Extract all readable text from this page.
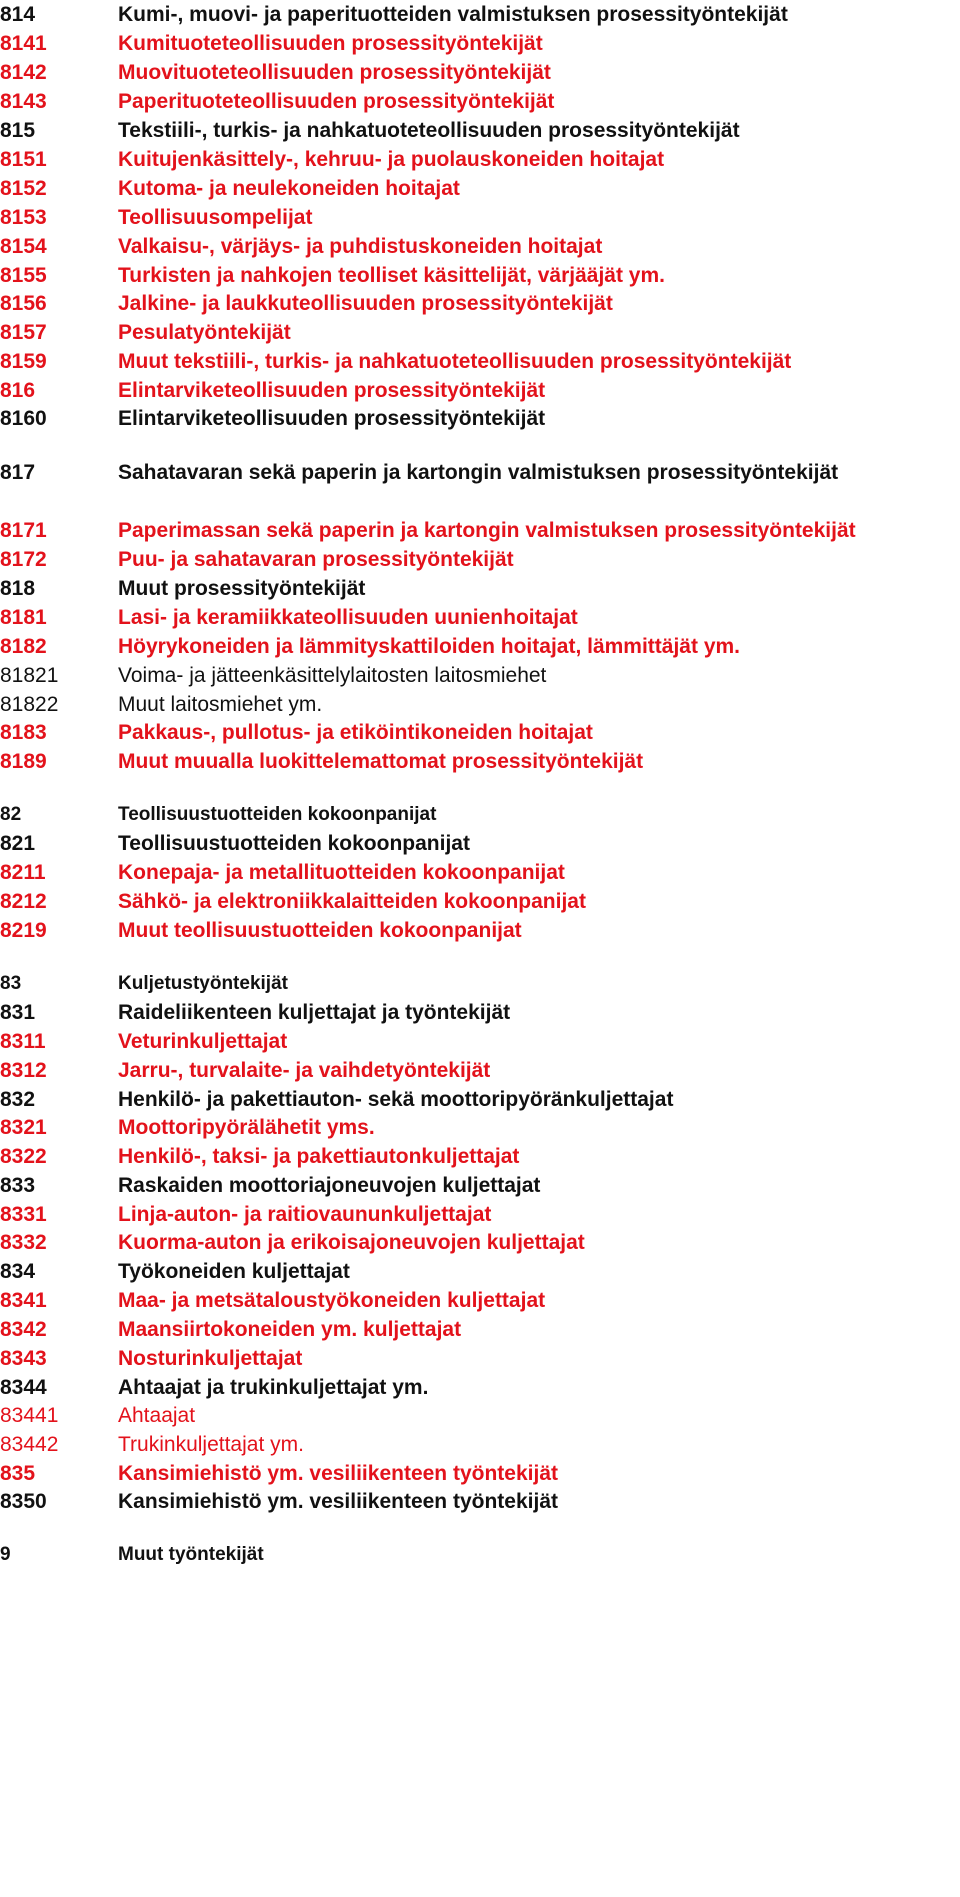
814	Kumi-, muovi- ja paperituotteiden valmistuksen prosessityöntekijät
8141	Kumituoteteollisuuden prosessityöntekijät
8142	Muovituoteteollisuuden prosessityöntekijät
8143	Paperituoteteollisuuden prosessityöntekijät
815	Tekstiili-, turkis- ja nahkatuoteteollisuuden prosessityöntekijät
8151	Kuitujenkäsittely-, kehruu- ja puolauskoneiden hoitajat
8152	Kutoma- ja neulekoneiden hoitajat
8153	Teollisuusompelijat
8154	Valkaisu-, värjäys- ja puhdistuskoneiden hoitajat
8155	Turkisten ja nahkojen teolliset käsittelijät, värjääjät ym.
8156	Jalkine- ja laukkuteollisuuden prosessityöntekijät
8157	Pesulatyöntekijät
8159	Muut tekstiili-, turkis- ja nahkatuoteteollisuuden prosessityöntekijät
816	Elintarviketeollisuuden prosessityöntekijät
8160	Elintarviketeollisuuden prosessityöntekijät
817	Sahatavaran sekä paperin ja kartongin valmistuksen prosessityöntekijät
8171	Paperimassan sekä paperin ja kartongin valmistuksen prosessityöntekijät
8172	Puu- ja sahatavaran prosessityöntekijät
818	Muut prosessityöntekijät
8181	Lasi- ja keramiikkateollisuuden uunienhoitajat
8182	Höyrykoneiden ja lämmityskattiloiden hoitajat, lämmittäjät ym.
81821	Voima- ja jätteenkäsittelylaitosten laitosmiehet
81822	Muut laitosmiehet ym.
8183	Pakkaus-, pullotus- ja etiköintikoneiden hoitajat
8189	Muut muualla luokittelemattomat prosessityöntekijät
82	Teollisuustuotteiden kokoonpanijat
821	Teollisuustuotteiden kokoonpanijat
8211	Konepaja- ja metallituotteiden kokoonpanijat
8212	Sähkö- ja elektroniikkalaitteiden kokoonpanijat
8219	Muut teollisuustuotteiden kokoonpanijat
83	Kuljetustyöntekijät
831	Raideliikenteen kuljettajat ja työntekijät
8311	Veturinkuljettajat
8312	Jarru-, turvalaite- ja vaihdetyöntekijät
832	Henkilö- ja pakettiauton- sekä moottoripyöränkuljettajat
8321	Moottoripyörälähetit yms.
8322	Henkilö-, taksi- ja pakettiautonkuljettajat
833	Raskaiden moottoriajoneuvojen kuljettajat
8331	Linja-auton- ja raitiovaununkuljettajat
8332	Kuorma-auton ja erikoisajoneuvojen kuljettajat
834	Työkoneiden kuljettajat
8341	Maa- ja metsätaloustyökoneiden kuljettajat
8342	Maansiirtokoneiden ym. kuljettajat
8343	Nosturinkuljettajat
8344	Ahtaajat ja trukinkuljettajat ym.
83441	Ahtaajat
83442	Trukinkuljettajat ym.
835	Kansimiehistö ym. vesiliikenteen työntekijät
8350	Kansimiehistö ym. vesiliikenteen työntekijät
9	Muut työntekijät
